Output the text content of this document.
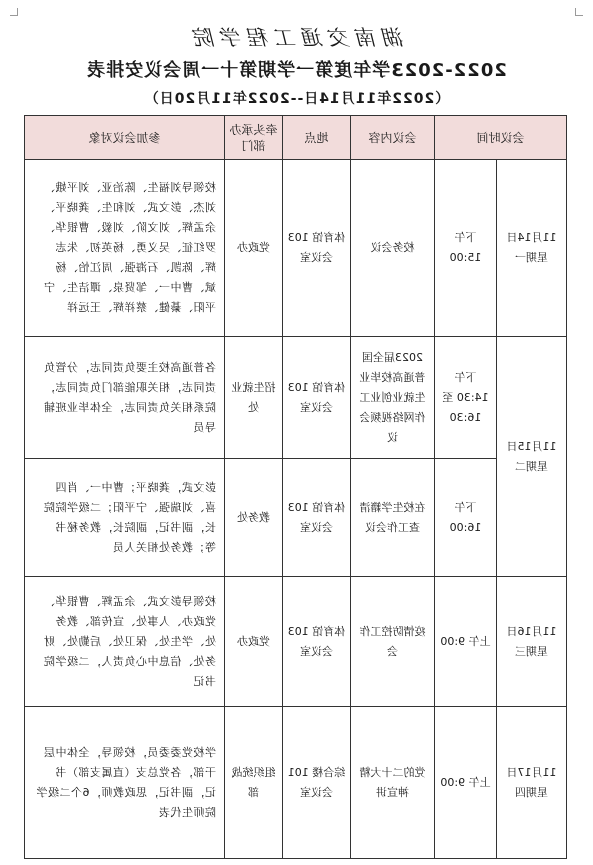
湖南交通工程学院
2022-2023学年度第一学期第十一周会议安排表
（2022年11月14日--2022年11月20日）
会议时间		会议内容	地点	牵头承办部门	参加会议对象
11月14日 星期一	下午 15:00	校务会议	体育馆 103 会议室	党政办	校领导刘福生、陈治亚、刘平娥、刘杰、彭文武、刘和生、龚晓平、余孟辉、刘文阶、刘毅、曹银华、罗红征、吴义勇、杨英初、朱志辉、陈凯、石海强、周江怡、杨斌、曹中一、邹贤泉、谭洁生、宁平阳、綦健、蔡祥辉、王远祥
11月15日 星期二	下午 14:30 至 16:30	2023届全国普通高校毕业生就业创业工作网络视频会议	体育馆 103 会议室	招生就业处	各普通高校主要负责同志，分管负责同志，相关职能部门负责同志，院系相关负责同志，全体毕业班辅导员
	下午 16:00	在校生学籍清查工作会议	体育馆 103 会议室	教务处	彭文武，龚晓平；曹中一、肖四喜、刘瑞强、宁平阳；二级学院院长，副书记，副院长，教务秘书等；教务处相关人员
11月16日 星期三	上午 9:00	疫情防控工作会	体育馆 103 会议室	党政办	校领导彭文武、余孟辉、曹银华、党政办、人事处、宣传部、教务处、学生处、保卫处、后勤处、财务处、信息中心负责人，二级学院书记
11月17日 星期四	上午 9:00	党的二十大精神宣讲	综合楼 101 会议室	组织统战部	学校党委委员，校领导，全体中层干部，各党总支（直属支部）书记，副书记，思政教师，6个二级学院师生代表
